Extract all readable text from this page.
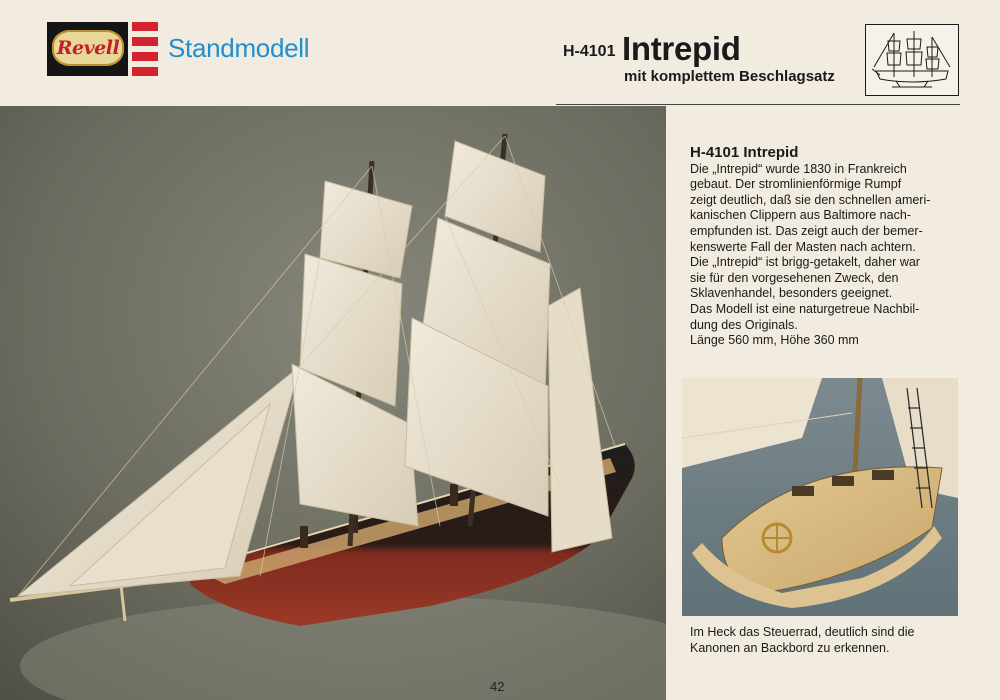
Revell Standmodell	H-4101 Intrepid
mit komplettem Beschlagsatz
42
H-4101 Intrepid
Die „Intrepid“ wurde 1830 in Frankreich
gebaut. Der stromlinienförmige Rumpf
zeigt deutlich, daß sie den schnellen ameri-
kanischen Clippern aus Baltimore nach-
empfunden ist. Das zeigt auch der bemer-
kenswerte Fall der Masten nach achtern.
Die „Intrepid“ ist brigg-getakelt, daher war
sie für den vorgesehenen Zweck, den
Sklavenhandel, besonders geeignet.
Das Modell ist eine naturgetreue Nachbil-
dung des Originals.
Länge 560 mm, Höhe 360 mm
Im Heck das Steuerrad, deutlich sind die
Kanonen an Backbord zu erkennen.
